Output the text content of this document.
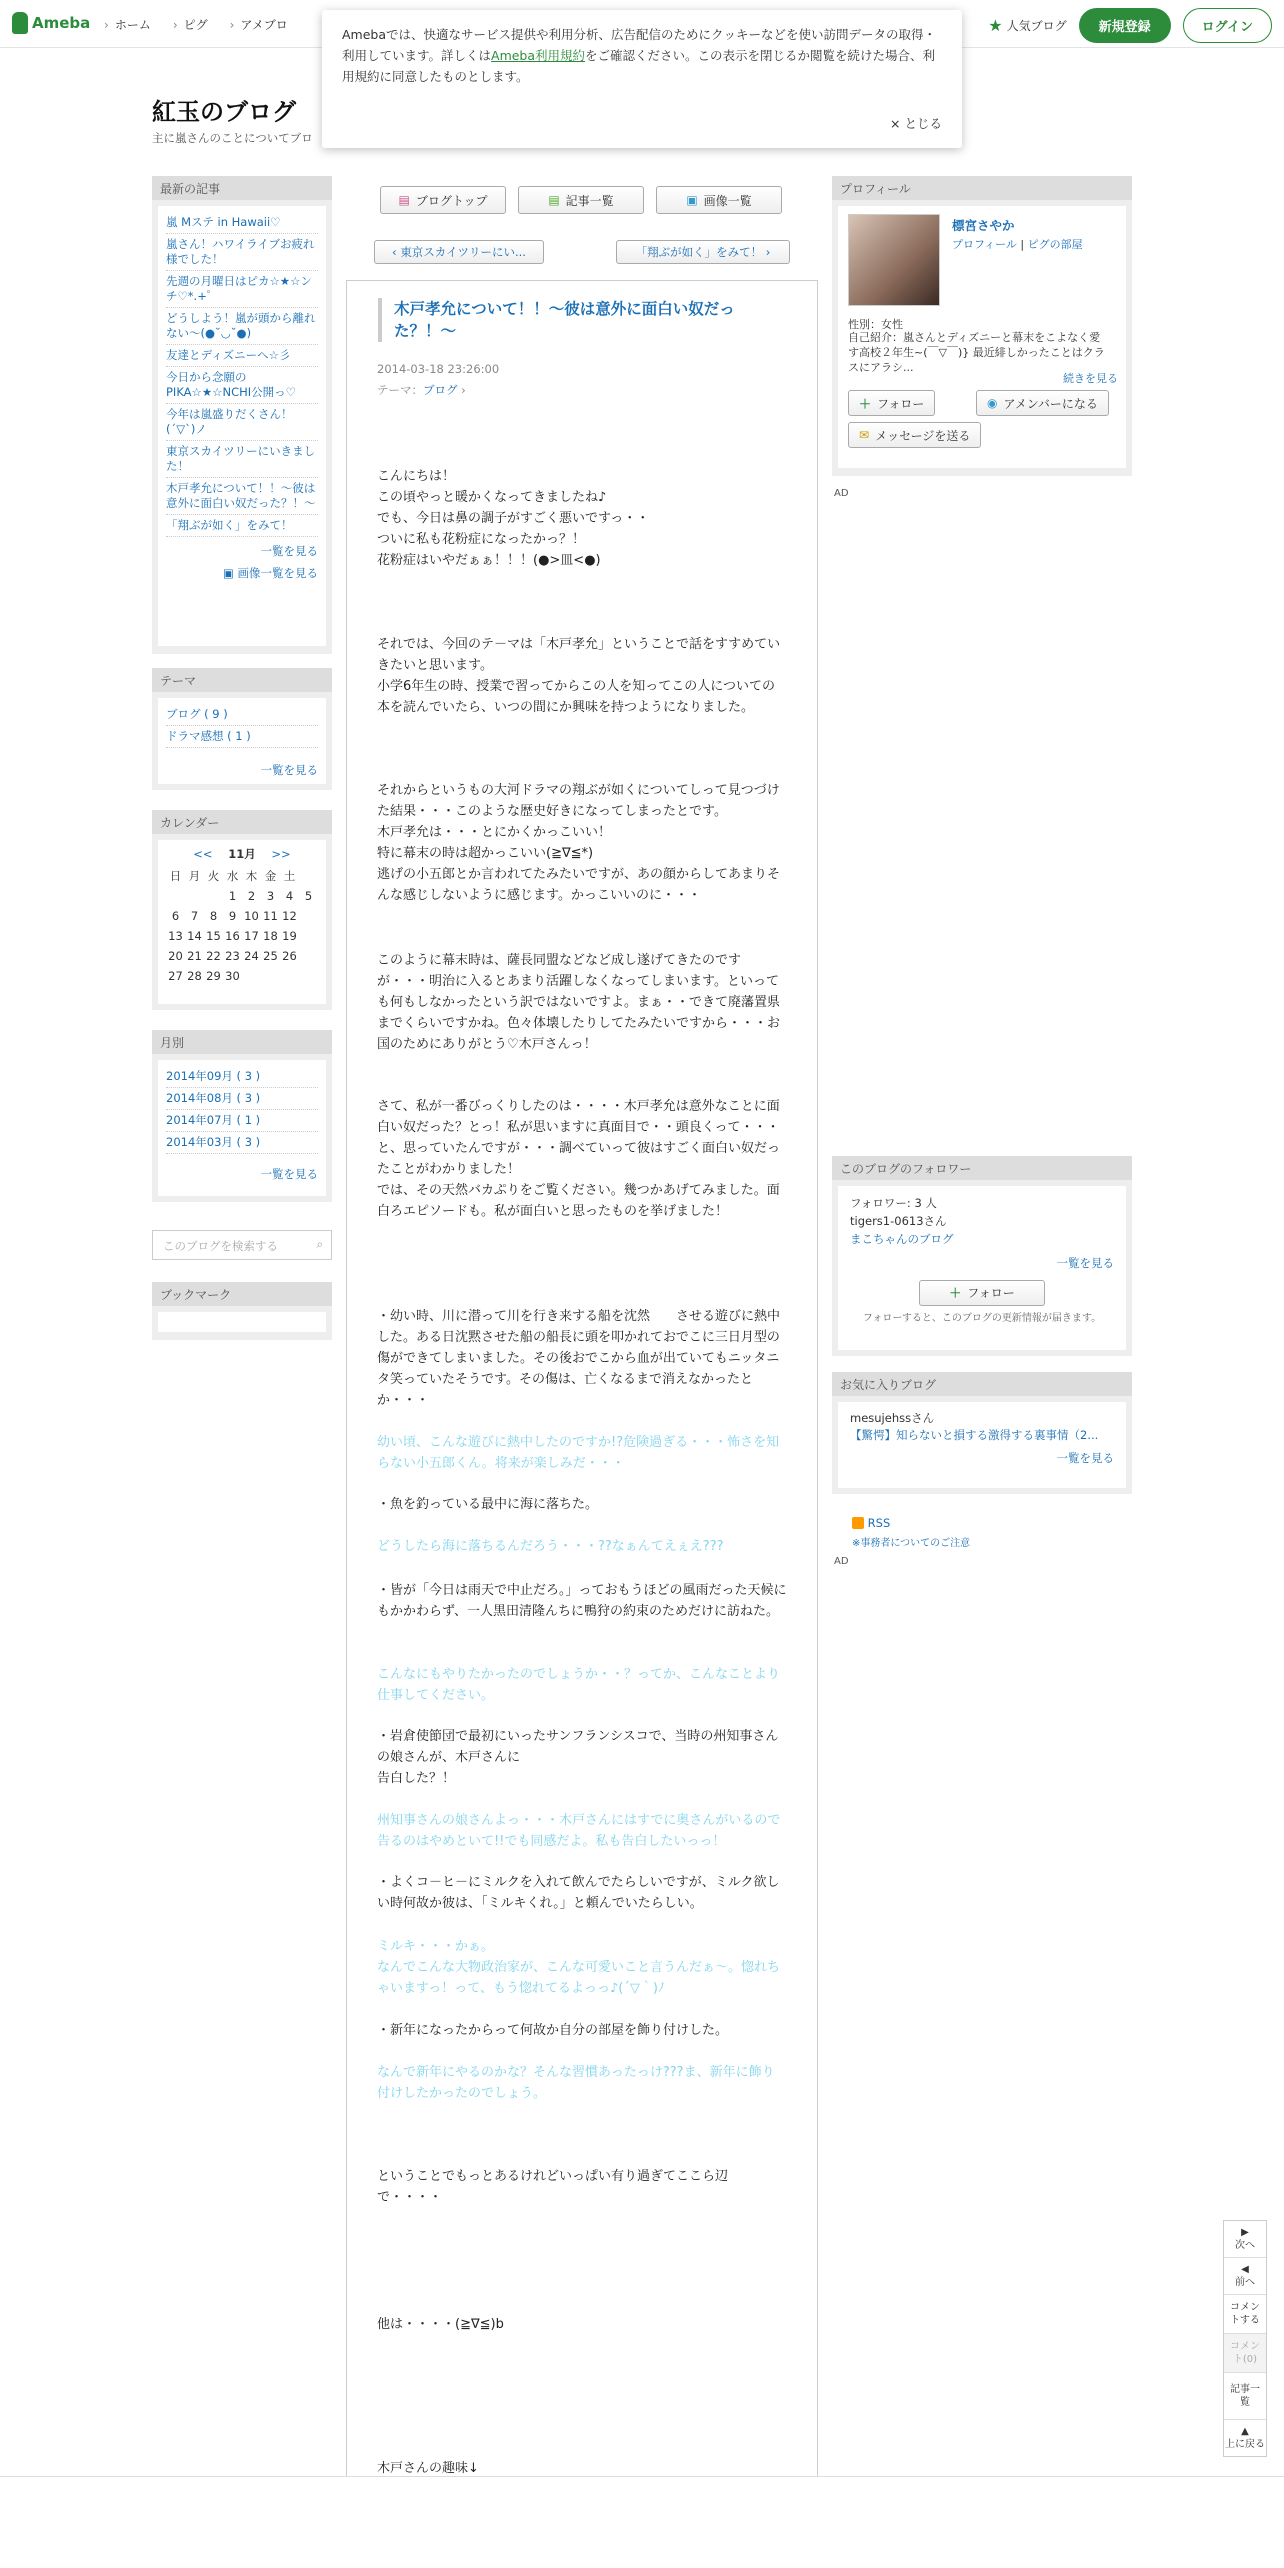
Ameba	› ホーム	› ピグ	› アメブロ	★ 人気ブログ	新規登録	ログイン
紅玉のブログ
主に嵐さんのことについてブロ
最新の記事
嵐 Mステ in Hawaii♡
嵐さん！ハワイライブお疲れ様でした！
先週の月曜日はピカ☆★☆ンチ♡*.+゜
どうしよう！嵐が頭から離れない〜(●˘◡˘●)
友達とディズニーへ☆彡
今日から念願のPIKA☆★☆NCHI公開っ♡
今年は嵐盛りだくさん！(´▽`)ノ
東京スカイツリーにいきました！
木戸孝允について！！～彼は意外に面白い奴だった？！～
「翔ぶが如く」をみて！
一覧を見る
▣ 画像一覧を見る
テーマ
ブログ ( 9 )
ドラマ感想 ( 1 )
一覧を見る
カレンダー
<< 11月 >>
日	月	火	水	木	金	土	
			1	2	3	4	5
6	7	8	9	10	11	12	
13	14	15	16	17	18	19	
20	21	22	23	24	25	26	
27	28	29	30				
月別
2014年09月 ( 3 )
2014年08月 ( 3 )
2014年07月 ( 1 )
2014年03月 ( 3 )
一覧を見る
このブログを検索する	⌕
ブックマーク
▤ ブログトップ	▤ 記事一覧	▣ 画像一覧
‹ 東京スカイツリーにい...	「翔ぶが如く」をみて！ ›
木戸孝允について！！～彼は意外に面白い奴だった？！～
2014-03-18 23:26:00
テーマ：ブログ ›
こんにちは！
この頃やっと暖かくなってきましたね♪
でも、今日は鼻の調子がすごく悪いですっ・・
ついに私も花粉症になったかっ？！
花粉症はいやだぁぁ！！！(●>皿<●)
それでは、今回のテ－マは「木戸孝允」ということで話をすすめていきたいと思います。
小学6年生の時、授業で習ってからこの人を知ってこの人についての本を読んでいたら、いつの間にか興味を持つようになりました。
それからというもの大河ドラマの翔ぶが如くについてしって見つづけた結果・・・このような歴史好きになってしまったとです。
木戸孝允は・・・とにかくかっこいい！
特に幕末の時は超かっこいい(≧∇≦*)
逃げの小五郎とか言われてたみたいですが、あの顔からしてあまりそんな感じしないように感じます。かっこいいのに・・・
このように幕末時は、薩長同盟などなど成し遂げてきたのですが・・・明治に入るとあまり活躍しなくなってしまいます。といっても何もしなかったという訳ではないですよ。まぁ・・できて廃藩置県までくらいですかね。色々体壊したりしてたみたいですから・・・お国のためにありがとう♡木戸さんっ！
さて、私が一番びっくりしたのは・・・・木戸孝允は意外なことに面白い奴だった？とっ！私が思いますに真面目で・・頭良くって・・・と、思っていたんですが・・・調べていって彼はすごく面白い奴だったことがわかりました！
では、その天然バカぷりをご覧ください。幾つかあげてみました。面白ろエピソードも。私が面白いと思ったものを挙げました！
・幼い時、川に潜って川を行き来する船を沈然　　させる遊びに熱中した。ある日沈黙させた船の船長に頭を叩かれておでこに三日月型の傷ができてしまいました。その後おでこから血が出ていてもニッタニタ笑っていたそうです。その傷は、亡くなるまで消えなかったとか・・・
幼い頃、こんな遊びに熱中したのですか!?危険過ぎる・・・怖さを知らない小五郎くん。将来が楽しみだ・・・
・魚を釣っている最中に海に落ちた。
どうしたら海に落ちるんだろう・・・??なぁんてえぇえ???
・皆が「今日は雨天で中止だろ。」っておもうほどの風雨だった天候にもかかわらず、一人黒田清隆んちに鴨狩の約束のためだけに訪ねた。
こんなにもやりたかったのでしょうか・・？ってか、こんなことより仕事してください。
・岩倉使節団で最初にいったサンフランシスコで、当時の州知事さんの娘さんが、木戸さんに
告白した？！
州知事さんの娘さんよっ・・・木戸さんにはすでに奥さんがいるので告るのはやめといて!!でも同感だよ。私も告白したいっっ！
・よくコ－ヒ－にミルクを入れて飲んでたらしいですが、ミルク欲しい時何故か彼は、「ミルキくれ。」と頼んでいたらしい。
ミルキ・・・かぁ。
なんでこんな大物政治家が、こんな可愛いこと言うんだぁ～。惚れちゃいますっ！って、もう惚れてるよっっ♪(´▽｀)ﾉ
・新年になったからって何故か自分の部屋を飾り付けした。
なんで新年にやるのかな？そんな習慣あったっけ???ま、新年に飾り付けしたかったのでしょう。
ということでもっとあるけれどいっぱい有り過ぎてここら辺で・・・・
他は・・・・(≧∇≦)b
木戸さんの趣味↓
プロフィール
標宮さやか
プロフィール | ピグの部屋
性別：女性
自己紹介：嵐さんとディズニーと幕末をこよなく愛す高校２年生~(￣▽￣)} 最近緋しかったことはクラスにアラシ...
続きを見る
＋ フォロー	◉ アメンバーになる
✉ メッセージを送る
AD
このブログのフォロワー
フォロワー: 3 人
tigers1-0613さん
まこちゃんのブログ
一覧を見る
＋ フォロー
フォローすると、このブログの更新情報が届きます。
お気に入りブログ
mesujehssさん
【驚愕】知らないと損する激得する裏事情（2...
一覧を見る
RSS
※事務者についてのご注意
AD
▶
次へ
◀
前へ
コメントする
コメント(0)
記事一覧
▲
上に戻る
Amebaでは、快適なサービス提供や利用分析、広告配信のためにクッキーなどを使い訪問データの取得・利用しています。詳しくはAmeba利用規約をご確認ください。この表示を閉じるか閲覧を続けた場合、利用規約に同意したものとします。
× とじる
